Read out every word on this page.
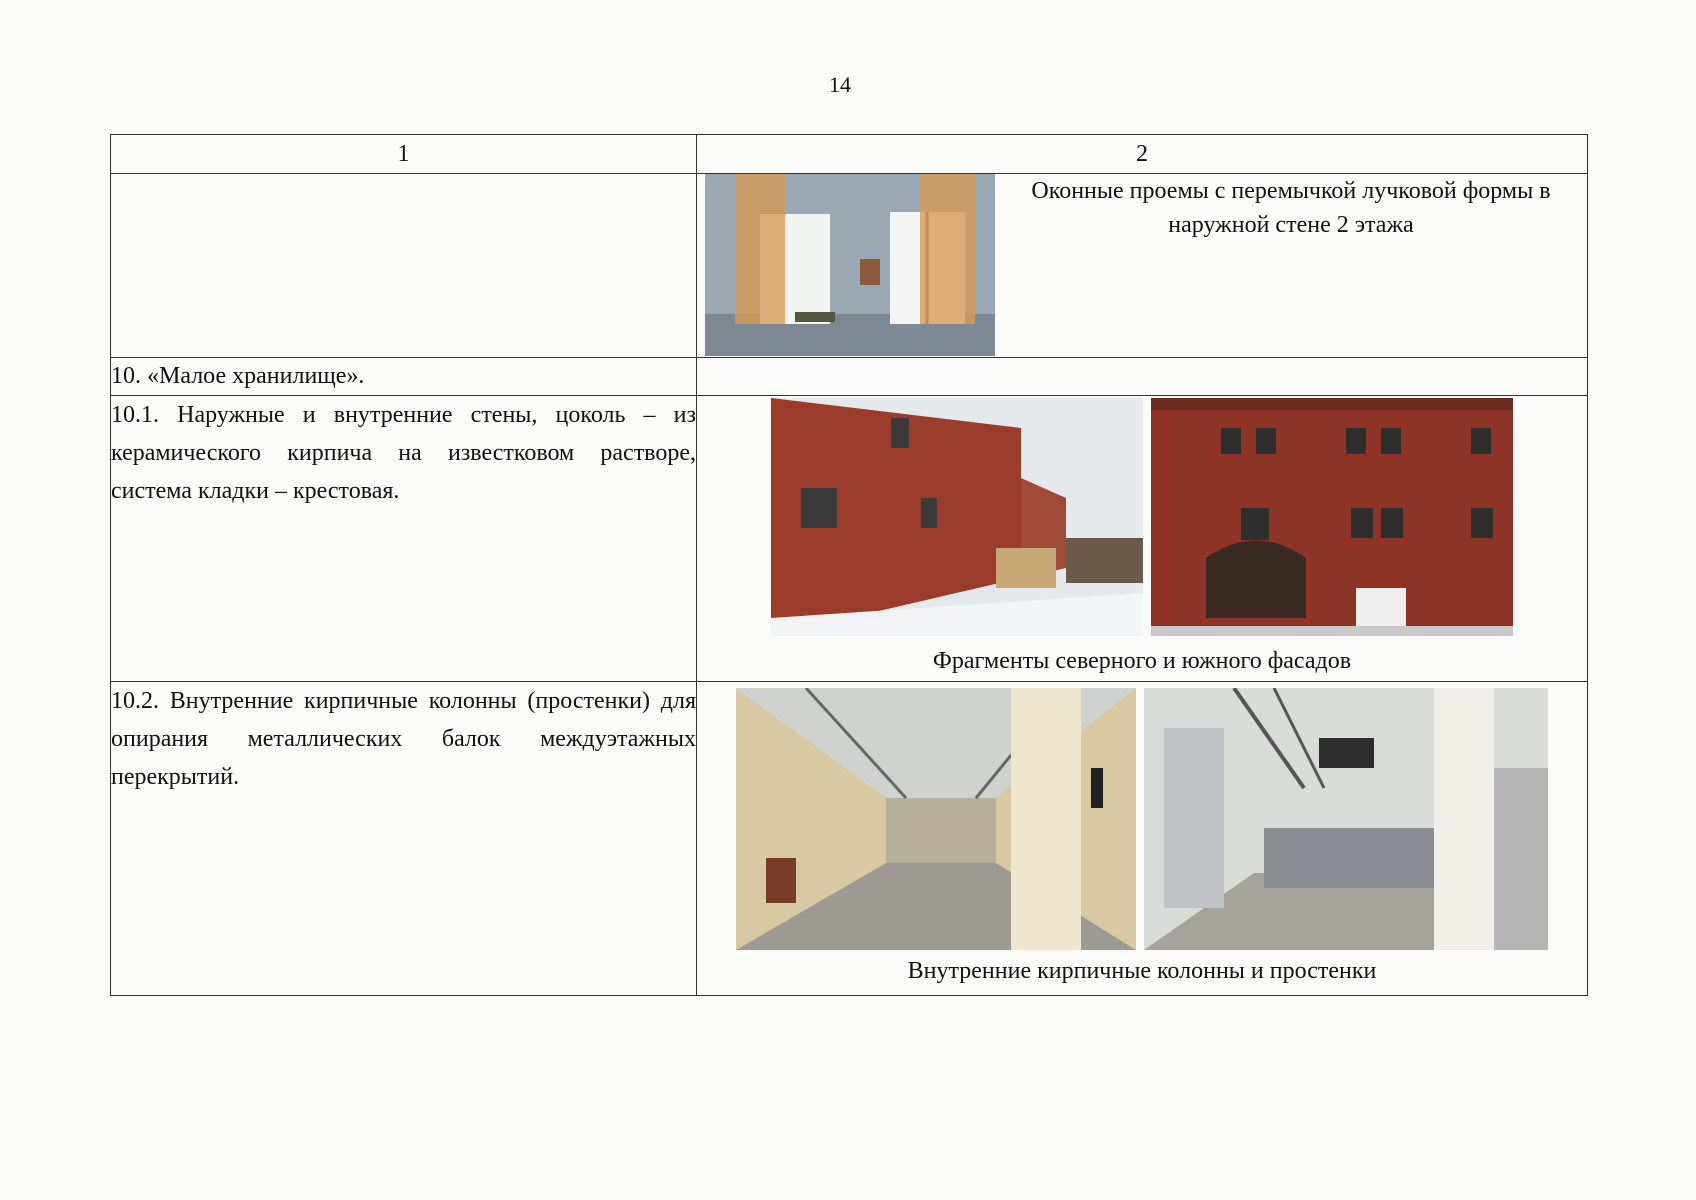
14
1	2

	Оконные проемы с перемычкой лучковой формы в наружной стене 2 этажа

10. «Малое хранилище».	
10.1. Наружные и внутренние стены, цоколь – из керамического кирпича на известковом растворе, система кладки – крестовая.	Фрагменты северного и южного фасадов

10.2. Внутренние кирпичные колонны (простенки) для опирания металлических балок междуэтажных перекрытий.	Внутренние кирпичные колонны и простенки
